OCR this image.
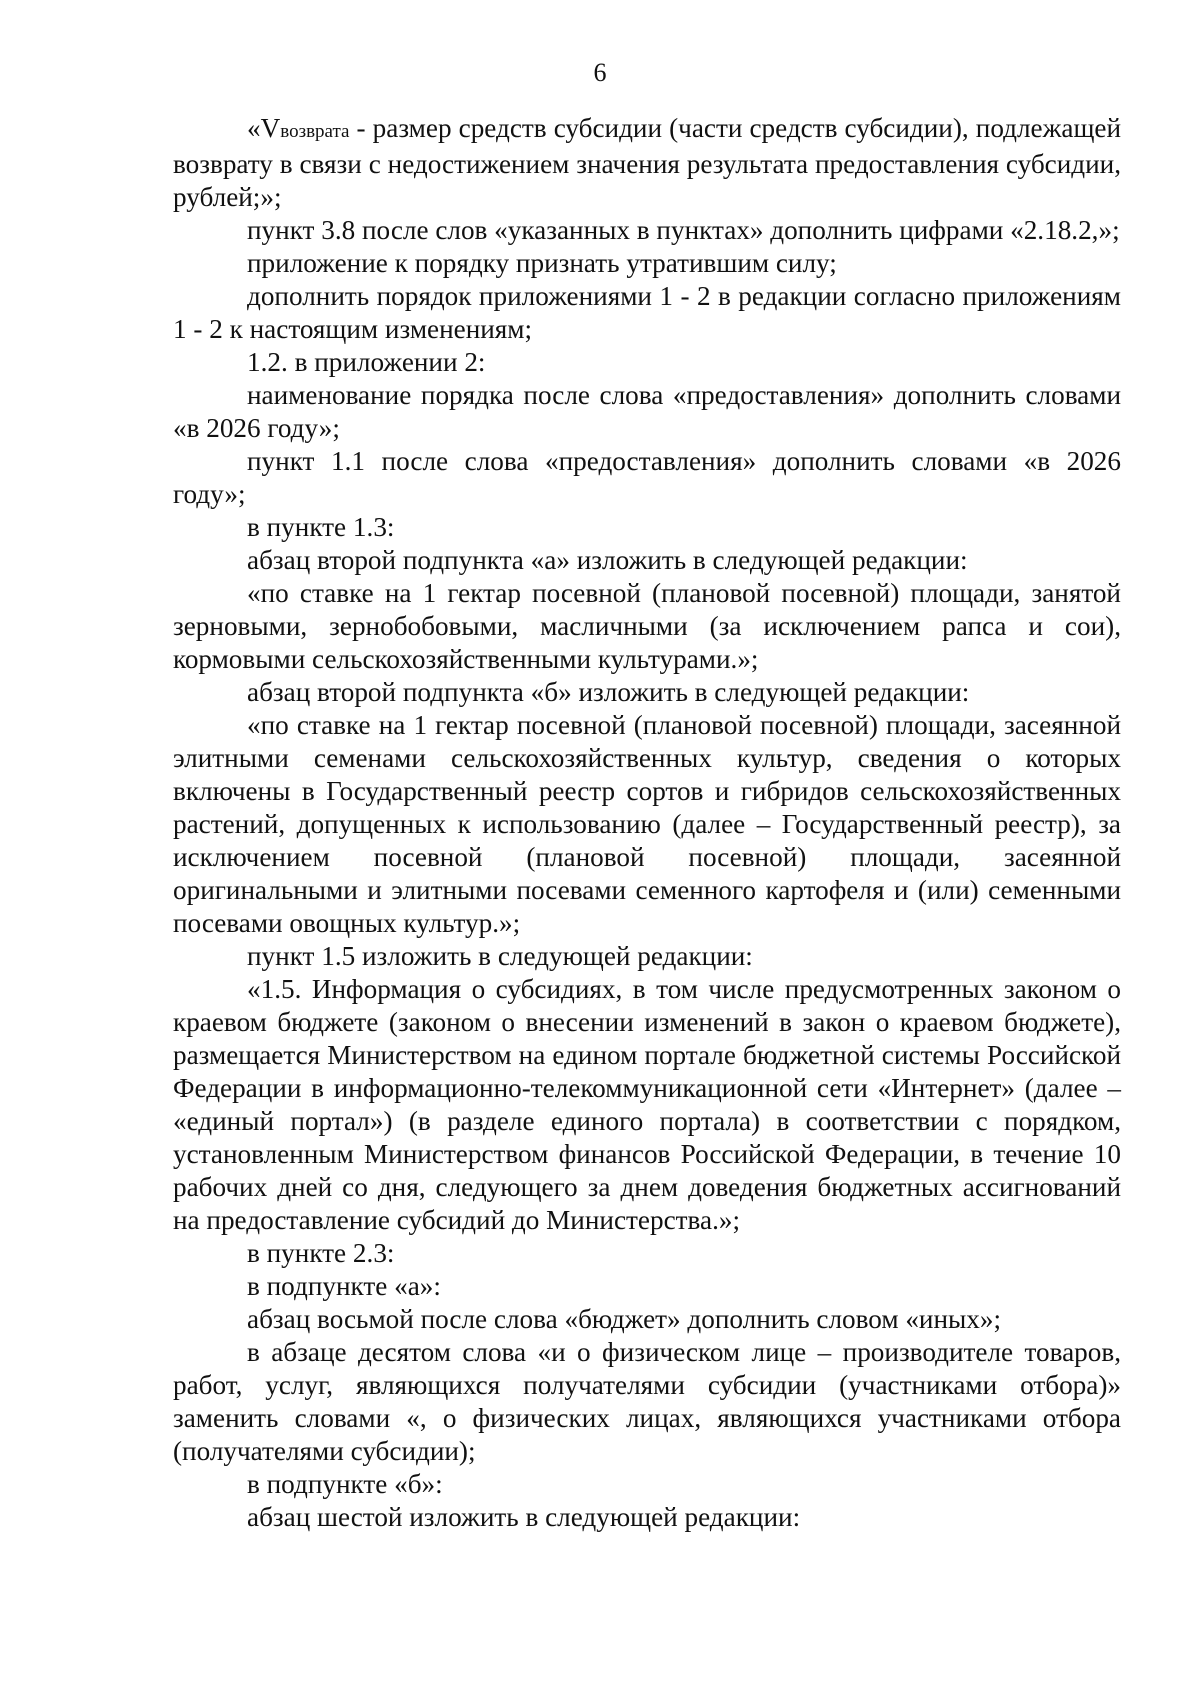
6

«Vвозврата - размер средств субсидии (части средств субсидии), подлежащей возврату в связи с недостижением значения результата предоставления субсидии, рублей;»;

пункт 3.8 после слов «указанных в пунктах» дополнить цифрами «2.18.2,»;

приложение к порядку признать утратившим силу;

дополнить порядок приложениями 1 - 2 в редакции согласно приложениям 1 - 2 к настоящим изменениям;

1.2. в приложении 2:

наименование порядка после слова «предоставления» дополнить словами «в 2026 году»;

пункт 1.1 после слова «предоставления» дополнить словами «в 2026 году»;

в пункте 1.3:

абзац второй подпункта «а» изложить в следующей редакции:

«по ставке на 1 гектар посевной (плановой посевной) площади, занятой зерновыми, зернобобовыми, масличными (за исключением рапса и сои), кормовыми сельскохозяйственными культурами.»;

абзац второй подпункта «б» изложить в следующей редакции:

«по ставке на 1 гектар посевной (плановой посевной) площади, засеянной элитными семенами сельскохозяйственных культур, сведения о которых включены в Государственный реестр сортов и гибридов сельскохозяйственных растений, допущенных к использованию (далее – Государственный реестр), за исключением посевной (плановой посевной) площади, засеянной оригинальными и элитными посевами семенного картофеля и (или) семенными посевами овощных культур.»;

пункт 1.5 изложить в следующей редакции:

«1.5. Информация о субсидиях, в том числе предусмотренных законом о краевом бюджете (законом о внесении изменений в закон о краевом бюджете), размещается Министерством на едином портале бюджетной системы Российской Федерации в информационно-телекоммуникационной сети «Интернет» (далее – «единый портал») (в разделе единого портала) в соответствии с порядком, установленным Министерством финансов Российской Федерации, в течение 10 рабочих дней со дня, следующего за днем доведения бюджетных ассигнований на предоставление субсидий до Министерства.»;

в пункте 2.3:

в подпункте «а»:

абзац восьмой после слова «бюджет» дополнить словом «иных»;

в абзаце десятом слова «и о физическом лице – производителе товаров, работ, услуг, являющихся получателями субсидии (участниками отбора)» заменить словами «, о физических лицах, являющихся участниками отбора (получателями субсидии);

в подпункте «б»:

абзац шестой изложить в следующей редакции:
